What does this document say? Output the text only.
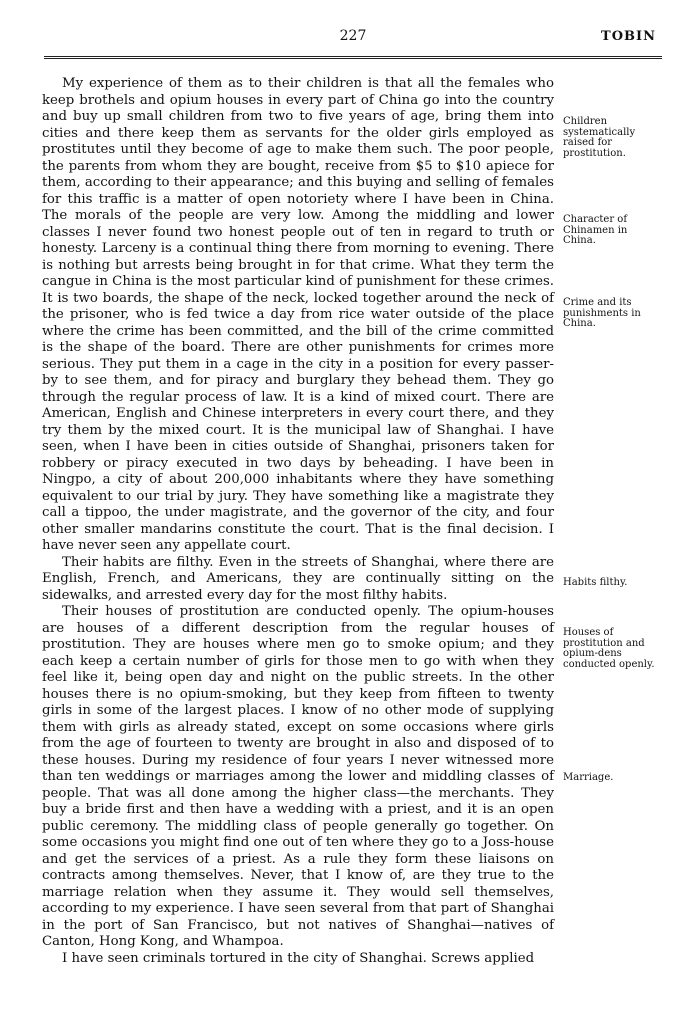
227	TOBIN

My experience of them as to their children is that all the females who keep brothels and opium houses in every part of China go into the country and buy up small children from two to five years of age, bring them into cities and there keep them as servants for the older girls employed as prostitutes until they become of age to make them such. The poor people, the parents from whom they are bought, receive from $5 to $10 apiece for them, according to their appearance; and this buying and selling of females for this traffic is a matter of open notoriety where I have been in China. The morals of the people are very low. Among the middling and lower classes I never found two honest people out of ten in regard to truth or honesty. Larceny is a continual thing there from morning to evening. There is nothing but arrests being brought in for that crime. What they term the cangue in China is the most particular kind of punishment for these crimes. It is two boards, the shape of the neck, locked together around the neck of the prisoner, who is fed twice a day from rice water outside of the place where the crime has been committed, and the bill of the crime committed is the shape of the board. There are other punishments for crimes more serious. They put them in a cage in the city in a position for every passer-by to see them, and for piracy and burglary they behead them. They go through the regular process of law. It is a kind of mixed court. There are American, English and Chinese interpreters in every court there, and they try them by the mixed court. It is the municipal law of Shanghai. I have seen, when I have been in cities outside of Shanghai, prisoners taken for robbery or piracy executed in two days by beheading. I have been in Ningpo, a city of about 200,000 inhabitants where they have something equivalent to our trial by jury. They have something like a magistrate they call a tippoo, the under magistrate, and the governor of the city, and four other smaller mandarins constitute the court. That is the final decision. I have never seen any appellate court.

Their habits are filthy. Even in the streets of Shanghai, where there are English, French, and Americans, they are continually sitting on the sidewalks, and arrested every day for the most filthy habits.

Their houses of prostitution are conducted openly. The opium-houses are houses of a different description from the regular houses of prostitution. They are houses where men go to smoke opium; and they each keep a certain number of girls for those men to go with when they feel like it, being open day and night on the public streets. In the other houses there is no opium-smoking, but they keep from fifteen to twenty girls in some of the largest places. I know of no other mode of supplying them with girls as already stated, except on some occasions where girls from the age of fourteen to twenty are brought in also and disposed of to these houses. During my residence of four years I never witnessed more than ten weddings or marriages among the lower and middling classes of people. That was all done among the higher class—the merchants. They buy a bride first and then have a wedding with a priest, and it is an open public ceremony. The middling class of people generally go together. On some occasions you might find one out of ten where they go to a Joss-house and get the services of a priest. As a rule they form these liaisons on contracts among themselves. Never, that I know of, are they true to the marriage relation when they assume it. They would sell themselves, according to my experience. I have seen several from that part of Shanghai in the port of San Francisco, but not natives of Shanghai—natives of Canton, Hong Kong, and Whampoa.

I have seen criminals tortured in the city of Shanghai. Screws applied

Children systematically raised for prostitution.
Character of Chinamen in China.
Crime and its punishments in China.
Habits filthy.
Houses of prostitution and opium-dens conducted openly.
Marriage.
